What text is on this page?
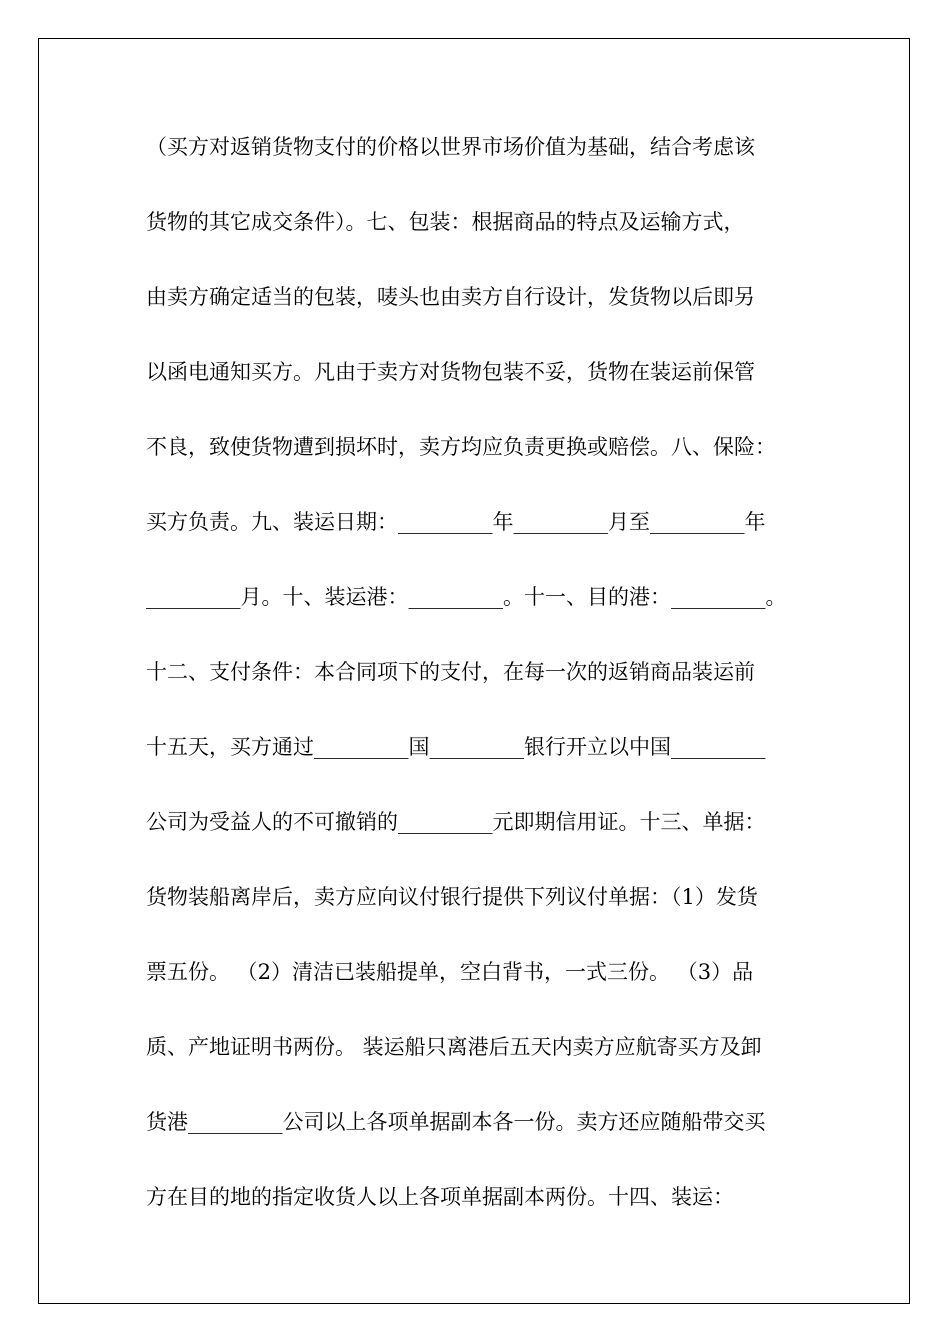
（买方对返销货物支付的价格以世界市场价值为基础，结合考虑该
货物的其它成交条件）。七、包装：根据商品的特点及运输方式，
由卖方确定适当的包装，唛头也由卖方自行设计，发货物以后即另
以函电通知买方。凡由于卖方对货物包装不妥，货物在装运前保管
不良，致使货物遭到损坏时，卖方均应负责更换或赔偿。八、保险：
买方负责。九、装运日期：_________年_________月至_________年
_________月。十、装运港：_________。十一、目的港：_________。
十二、支付条件：本合同项下的支付，在每一次的返销商品装运前
十五天，买方通过_________国_________银行开立以中国_________
公司为受益人的不可撤销的_________元即期信用证。十三、单据：
货物装船离岸后，卖方应向议付银行提供下列议付单据：（1）发货
票五份。 （2）清洁已装船提单，空白背书，一式三份。 （3）品
质、产地证明书两份。 装运船只离港后五天内卖方应航寄买方及卸
货港_________公司以上各项单据副本各一份。卖方还应随船带交买
方在目的地的指定收货人以上各项单据副本两份。十四、装运：
